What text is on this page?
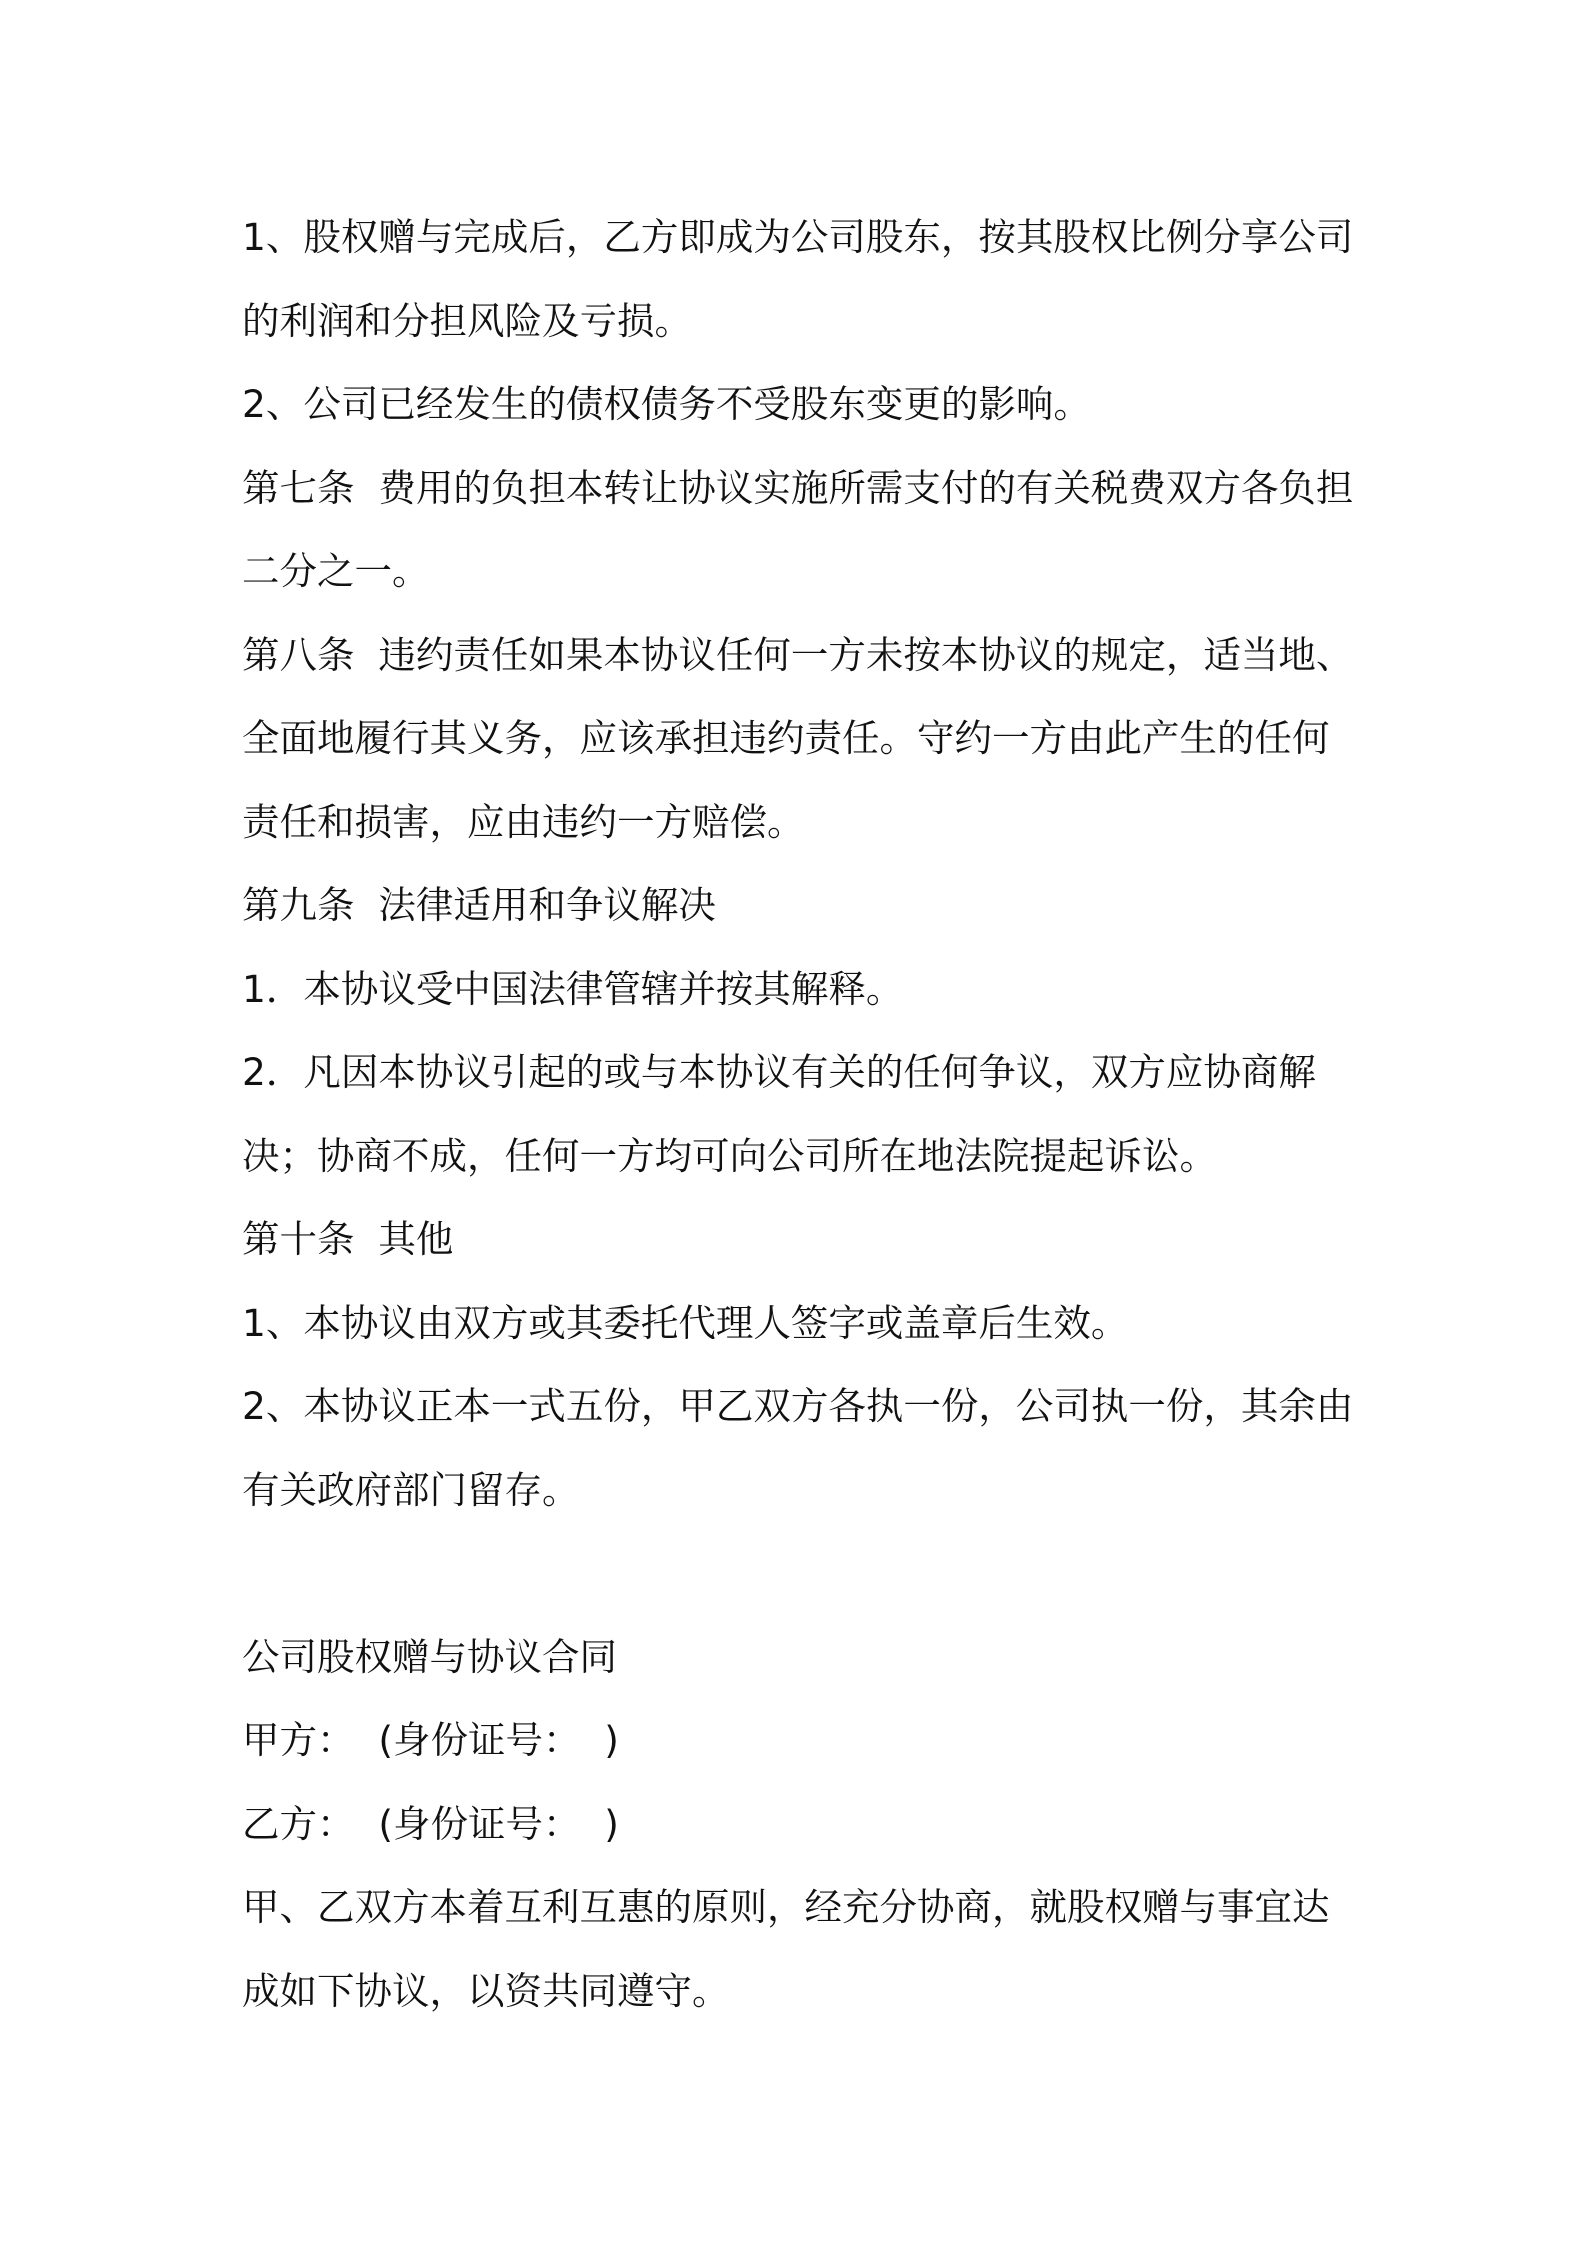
1、股权赠与完成后，乙方即成为公司股东，按其股权比例分享公司的利润和分担风险及亏损。

2、公司已经发生的债权债务不受股东变更的影响。

第七条  费用的负担本转让协议实施所需支付的有关税费双方各负担二分之一。

第八条  违约责任如果本协议任何一方未按本协议的规定，适当地、全面地履行其义务，应该承担违约责任。守约一方由此产生的任何责任和损害，应由违约一方赔偿。

第九条  法律适用和争议解决

1．本协议受中国法律管辖并按其解释。

2．凡因本协议引起的或与本协议有关的任何争议，双方应协商解决；协商不成，任何一方均可向公司所在地法院提起诉讼。

第十条  其他

1、本协议由双方或其委托代理人签字或盖章后生效。

2、本协议正本一式五份，甲乙双方各执一份，公司执一份，其余由有关政府部门留存。

公司股权赠与协议合同

甲方：  (身份证号：  )

乙方：  (身份证号：  )

甲、乙双方本着互利互惠的原则，经充分协商，就股权赠与事宜达成如下协议，以资共同遵守。
